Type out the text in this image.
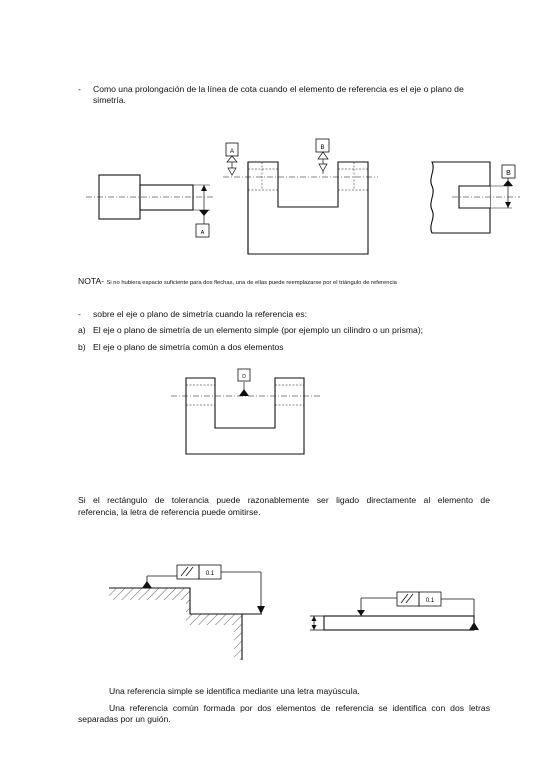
- Como una prolongación de la línea de cota cuando el elemento de referencia es el eje o plano de
simetría.
NOTA- Si no hubiera espacio suficiente para dos flechas, una de ellas puede reemplazarse por el triángulo de referencia
- sobre el eje o plano de simetría cuando la referencia es:
a) El eje o plano de simetría de un elemento simple (por ejemplo un cilindro o un prisma);
b) El eje o plano de simetría común a dos elementos
Si el rectángulo de tolerancia puede razonablemente ser ligado directamente al elemento de
referencia, la letra de referencia puede omitirse.
Una referencia simple se identifica mediante una letra mayúscula.
Una referencia común formada por dos elementos de referencia se identifica con dos letras
separadas por un guión.
A
A
B
B
D
0.1
0.1
